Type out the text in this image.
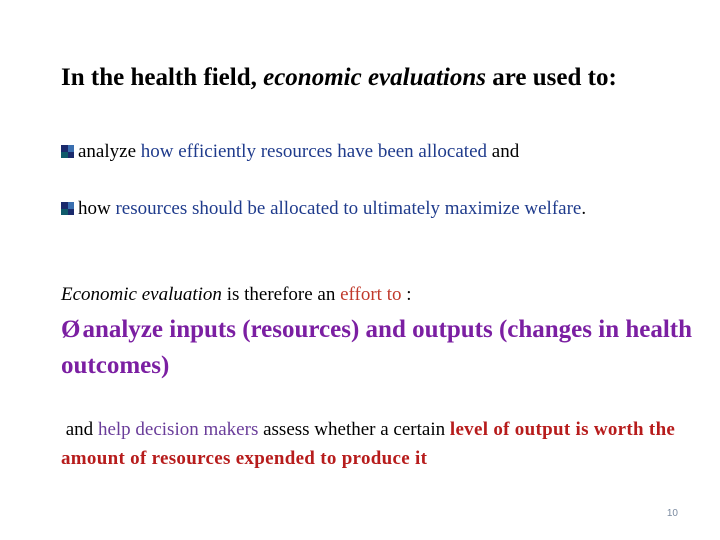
In the health field, economic evaluations are used to:
analyze how efficiently resources have been allocated and
how resources should be allocated to ultimately maximize welfare.
Economic evaluation is therefore an effort to :
Øanalyze inputs (resources) and outputs (changes in health outcomes)
and help decision makers assess whether a certain level of output is worth the amount of resources expended to produce it
10
